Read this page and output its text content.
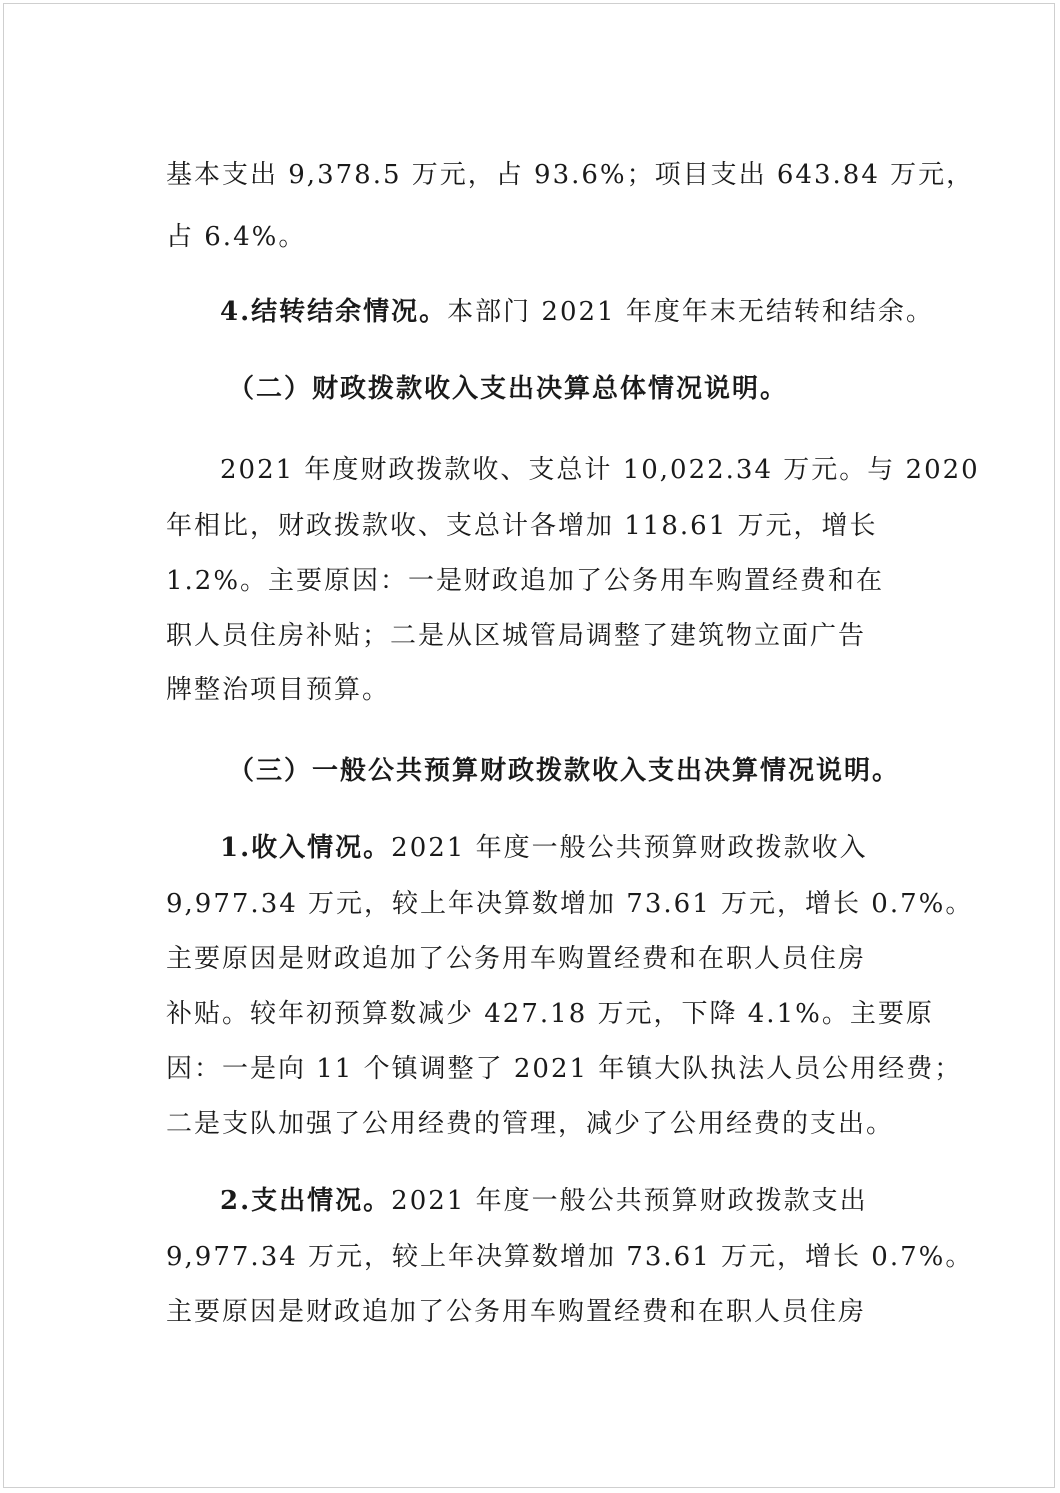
基本支出 9,378.5 万元，占 93.6%；项目支出 643.84 万元，
占 6.4%。
4.结转结余情况。本部门 2021 年度年末无结转和结余。
（二）财政拨款收入支出决算总体情况说明。
2021 年度财政拨款收、支总计 10,022.34 万元。与 2020
年相比，财政拨款收、支总计各增加 118.61 万元，增长
1.2%。主要原因：一是财政追加了公务用车购置经费和在
职人员住房补贴；二是从区城管局调整了建筑物立面广告
牌整治项目预算。
（三）一般公共预算财政拨款收入支出决算情况说明。
1.收入情况。2021 年度一般公共预算财政拨款收入
9,977.34 万元，较上年决算数增加 73.61 万元，增长 0.7%。
主要原因是财政追加了公务用车购置经费和在职人员住房
补贴。较年初预算数减少 427.18 万元，下降 4.1%。主要原
因：一是向 11 个镇调整了 2021 年镇大队执法人员公用经费；
二是支队加强了公用经费的管理，减少了公用经费的支出。
2.支出情况。2021 年度一般公共预算财政拨款支出
9,977.34 万元，较上年决算数增加 73.61 万元，增长 0.7%。
主要原因是财政追加了公务用车购置经费和在职人员住房
